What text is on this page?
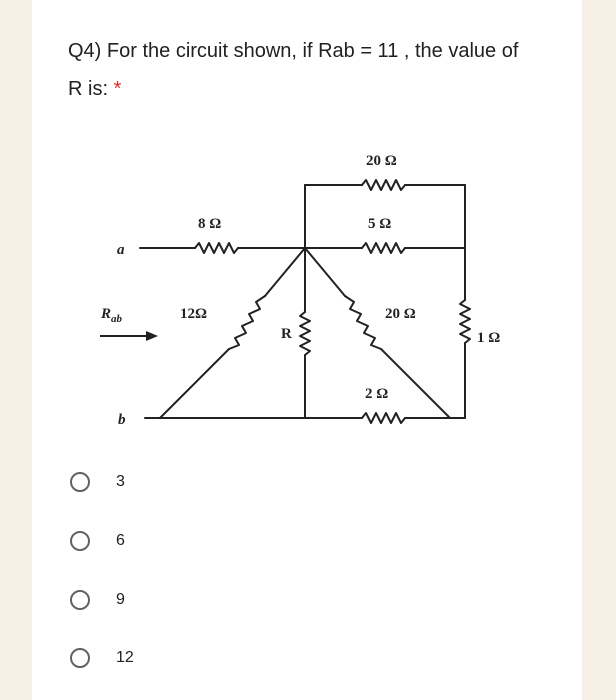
Q4) For the circuit shown, if Rab = 11 , the value of R is: *
a
b
$R_{ab}$
8 Ω
12Ω
R
20 Ω
5 Ω
20 Ω
1 Ω
2 Ω
3
6
9
12
